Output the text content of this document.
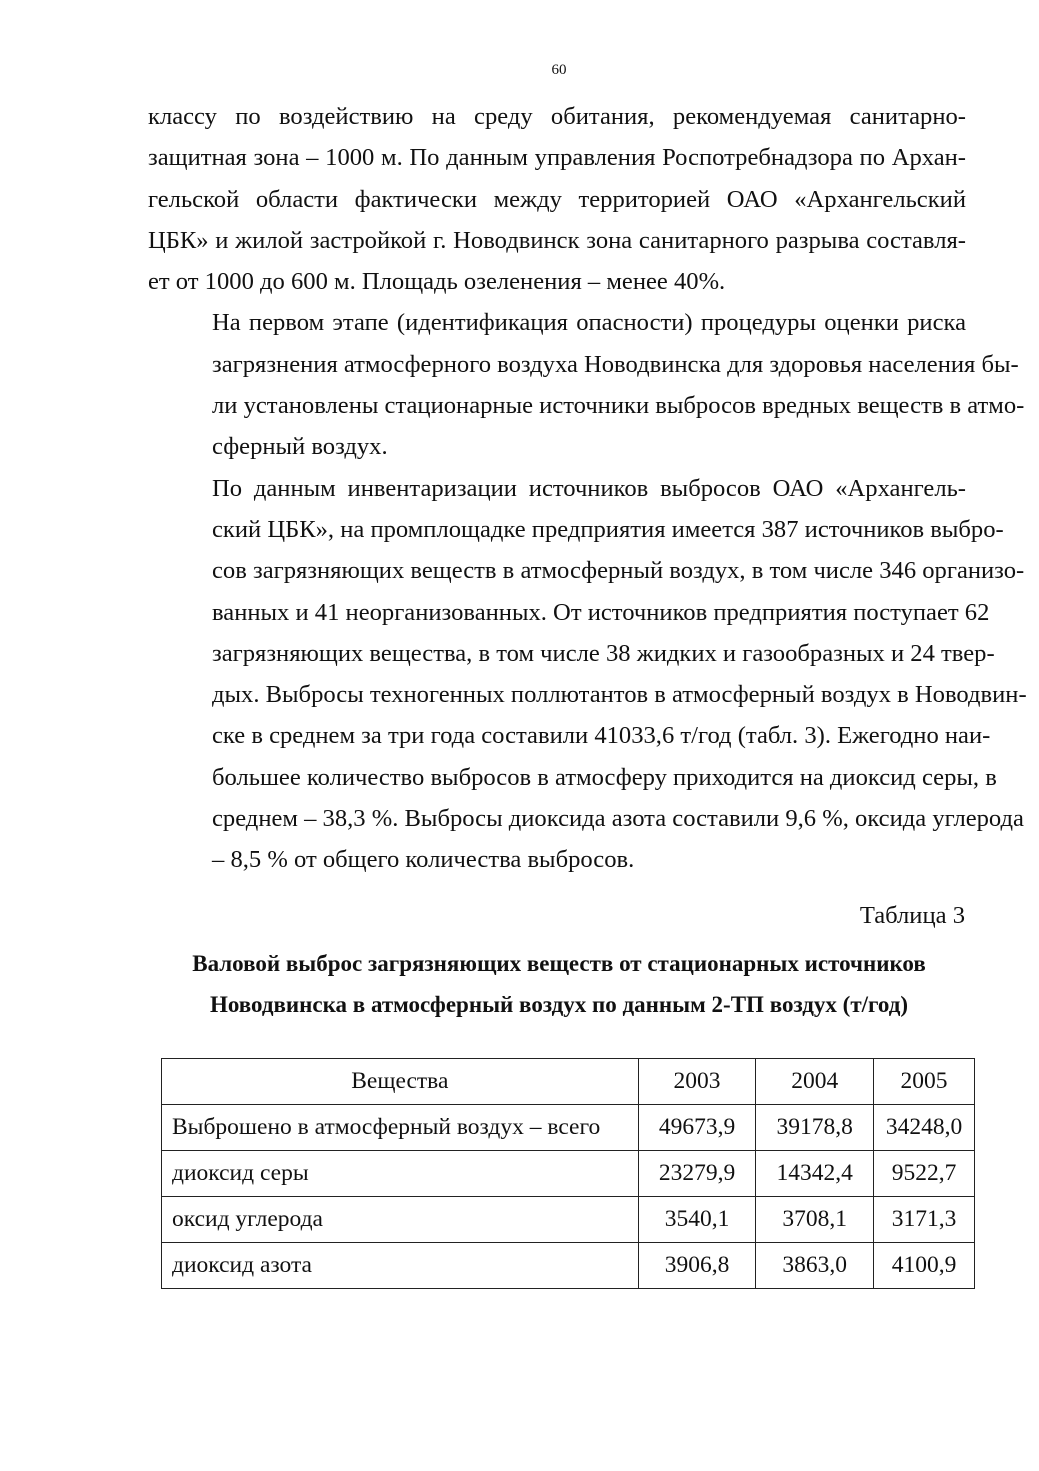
60

классу по воздействию на среду обитания, рекомендуемая санитарно-
защитная зона – 1000 м. По данным управления Роспотребнадзора по Архан-
гельской области фактически между территорией ОАО «Архангельский
ЦБК» и жилой застройкой г. Новодвинск зона санитарного разрыва составля-
ет от 1000 до 600 м. Площадь озеленения – менее 40%.

На первом этапе (идентификация опасности) процедуры оценки риска
загрязнения атмосферного воздуха Новодвинска для здоровья населения бы-
ли установлены стационарные источники выбросов вредных веществ в атмо-
сферный воздух.

По данным инвентаризации источников выбросов ОАО «Архангель-
ский ЦБК», на промплощадке предприятия имеется 387 источников выбро-
сов загрязняющих веществ в атмосферный воздух, в том числе 346 организо-
ванных и 41 неорганизованных. От источников предприятия поступает 62
загрязняющих вещества, в том числе 38 жидких и газообразных и 24 твер-
дых. Выбросы техногенных поллютантов в атмосферный воздух в Новодвин-
ске в среднем за три года составили 41033,6 т/год (табл. 3). Ежегодно наи-
большее количество выбросов в атмосферу приходится на диоксид серы, в
среднем – 38,3 %. Выбросы диоксида азота составили 9,6 %, оксида углерода
– 8,5 % от общего количества выбросов.

Таблица 3
Валовой выброс загрязняющих веществ от стационарных источников
Новодвинска в атмосферный воздух по данным 2-ТП воздух (т/год)
Вещества	2003	2004	2005
Выброшено в атмосферный воздух – всего	49673,9	39178,8	34248,0
диоксид серы	23279,9	14342,4	9522,7
оксид углерода	3540,1	3708,1	3171,3
диоксид азота	3906,8	3863,0	4100,9
